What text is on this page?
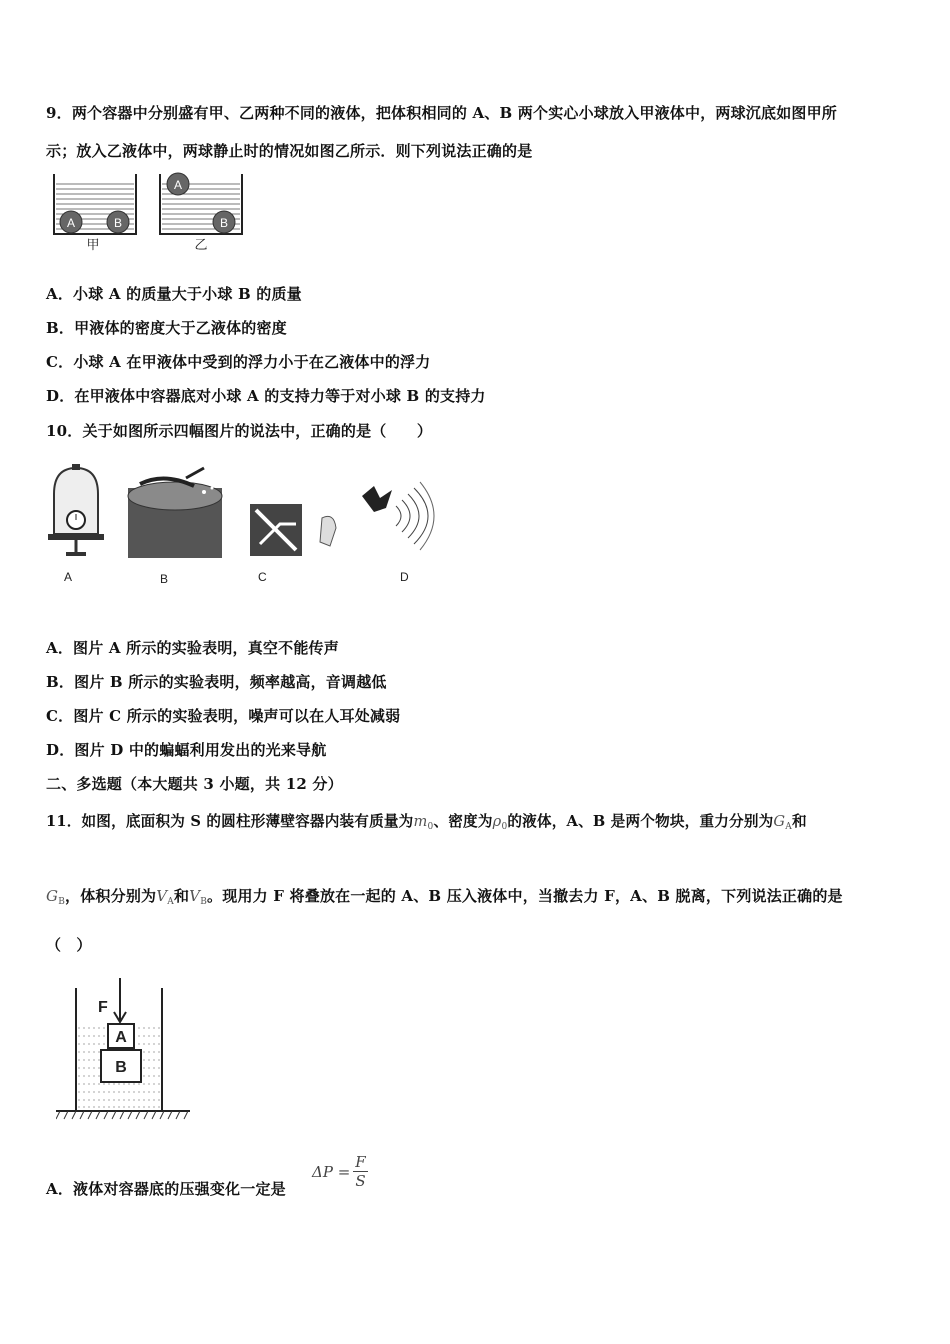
9．两个容器中分别盛有甲、乙两种不同的液体，把体积相同的 A、B 两个实心小球放入甲液体中，两球沉底如图甲所
示；放入乙液体中，两球静止时的情况如图乙所示．则下列说法正确的是
A	B
甲
A
B
乙
A．小球 A 的质量大于小球 B 的质量
B．甲液体的密度大于乙液体的密度
C．小球 A 在甲液体中受到的浮力小于在乙液体中的浮力
D．在甲液体中容器底对小球 A 的支持力等于对小球 B 的支持力
10．关于如图所示四幅图片的说法中，正确的是（　　）
A	B	C	D
A．图片 A 所示的实验表明，真空不能传声
B．图片 B 所示的实验表明，频率越高，音调越低
C．图片 C 所示的实验表明，噪声可以在人耳处减弱
D．图片 D 中的蝙蝠利用发出的光来导航
二、多选题（本大题共 3 小题，共 12 分）
11．如图，底面积为 S 的圆柱形薄壁容器内装有质量为$m_0$、密度为$\rho_0$的液体，A、B 是两个物块，重力分别为$G_A$和
$G_B$，体积分别为$V_A$和$V_B$。现用力 F 将叠放在一起的 A、B 压入液体中，当撤去力 F，A、B 脱离，下列说法正确的是
（　）
F
A
B
A．液体对容器底的压强变化一定是
$\Delta P = \frac{F}{S}$
